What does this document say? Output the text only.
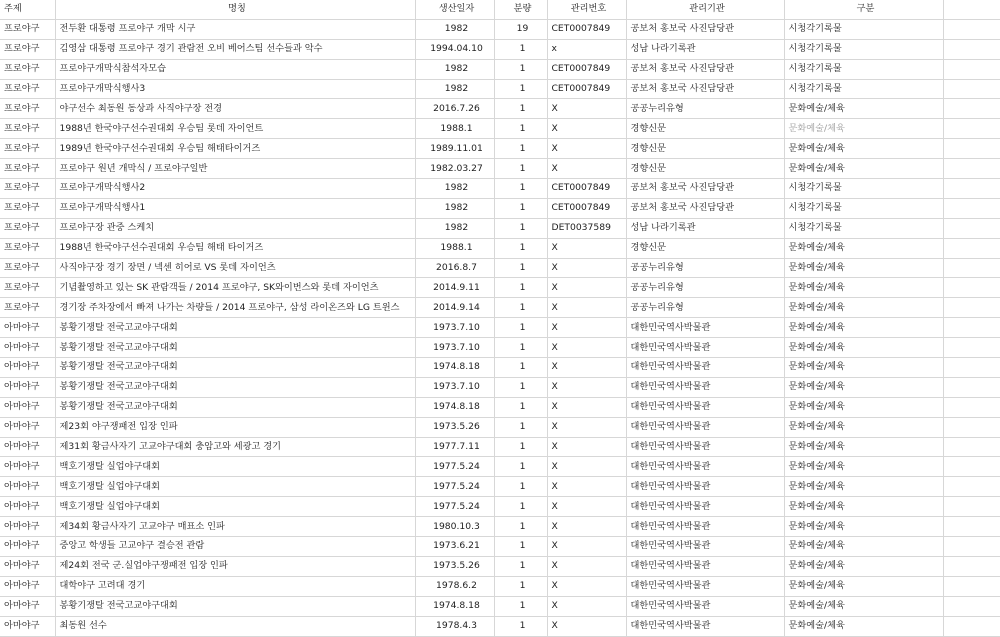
주제	명칭	생산일자	분량	관리번호	관리기관	구분	
프로야구	전두환 대통령 프로야구 개막 시구	1982	19	CET0007849	공보처 홍보국 사진담당관	시청각기록물	
프로야구	김영삼 대통령 프로야구 경기 관람전 오비 베어스팀 선수들과 악수	1994.04.10	1	x	성남 나라기록관	시청각기록물	
프로야구	프로야구개막식참석자모습	1982	1	CET0007849	공보처 홍보국 사진담당관	시청각기록물	
프로야구	프로야구개막식행사3	1982	1	CET0007849	공보처 홍보국 사진담당관	시청각기록물	
프로야구	야구선수 최동원 동상과 사직야구장 전경	2016.7.26	1	X	공공누리유형	문화예술/체육	
프로야구	1988년 한국야구선수권대회 우승팀 롯데 자이언트	1988.1	1	X	경향신문	문화예술/체육	
프로야구	1989년 한국야구선수권대회 우승팀 해태타이거즈	1989.11.01	1	X	경향신문	문화예술/체육	
프로야구	프로야구 원년 개막식 / 프로야구일반	1982.03.27	1	X	경향신문	문화예술/체육	
프로야구	프로야구개막식행사2	1982	1	CET0007849	공보처 홍보국 사진담당관	시청각기록물	
프로야구	프로야구개막식행사1	1982	1	CET0007849	공보처 홍보국 사진담당관	시청각기록물	
프로야구	프로야구장 관중 스케치	1982	1	DET0037589	성남 나라기록관	시청각기록물	
프로야구	1988년 한국야구선수권대회 우승팀 해태 타이거즈	1988.1	1	X	경향신문	문화예술/체육	
프로야구	사직야구장 경기 장면 / 넥센 히어로 VS 롯데 자이언츠	2016.8.7	1	X	공공누리유형	문화예술/체육	
프로야구	기념촬영하고 있는 SK 관람객들 / 2014 프로야구, SK와이번스와 롯데 자이언츠	2014.9.11	1	X	공공누리유형	문화예술/체육	
프로야구	경기장 주차장에서 빠져 나가는 차량들 / 2014 프로야구, 삼성 라이온즈와 LG 트윈스	2014.9.14	1	X	공공누리유형	문화예술/체육	
아마야구	봉황기쟁탈 전국고교야구대회	1973.7.10	1	X	대한민국역사박물관	문화예술/체육	
아마야구	봉황기쟁탈 전국고교야구대회	1973.7.10	1	X	대한민국역사박물관	문화예술/체육	
아마야구	봉황기쟁탈 전국고교야구대회	1974.8.18	1	X	대한민국역사박물관	문화예술/체육	
아마야구	봉황기쟁탈 전국고교야구대회	1973.7.10	1	X	대한민국역사박물관	문화예술/체육	
아마야구	봉황기쟁탈 전국고교야구대회	1974.8.18	1	X	대한민국역사박물관	문화예술/체육	
아마야구	제23회 야구쟁패전 입장 인파	1973.5.26	1	X	대한민국역사박물관	문화예술/체육	
아마야구	제31회 황금사자기 고교야구대회 충암고와 세광고 경기	1977.7.11	1	X	대한민국역사박물관	문화예술/체육	
아마야구	백호기쟁탈 실업야구대회	1977.5.24	1	X	대한민국역사박물관	문화예술/체육	
아마야구	백호기쟁탈 실업야구대회	1977.5.24	1	X	대한민국역사박물관	문화예술/체육	
아마야구	백호기쟁탈 실업야구대회	1977.5.24	1	X	대한민국역사박물관	문화예술/체육	
아마야구	제34회 황금사자기 고교야구 매표소 인파	1980.10.3	1	X	대한민국역사박물관	문화예술/체육	
아마야구	중앙고 학생들 고교야구 결승전 관람	1973.6.21	1	X	대한민국역사박물관	문화예술/체육	
아마야구	제24회 전국 군.실업야구쟁패전 입장 인파	1973.5.26	1	X	대한민국역사박물관	문화예술/체육	
아마야구	대학야구 고려대 경기	1978.6.2	1	X	대한민국역사박물관	문화예술/체육	
아마야구	봉황기쟁탈 전국고교야구대회	1974.8.18	1	X	대한민국역사박물관	문화예술/체육	
아마야구	최동원 선수	1978.4.3	1	X	대한민국역사박물관	문화예술/체육	
